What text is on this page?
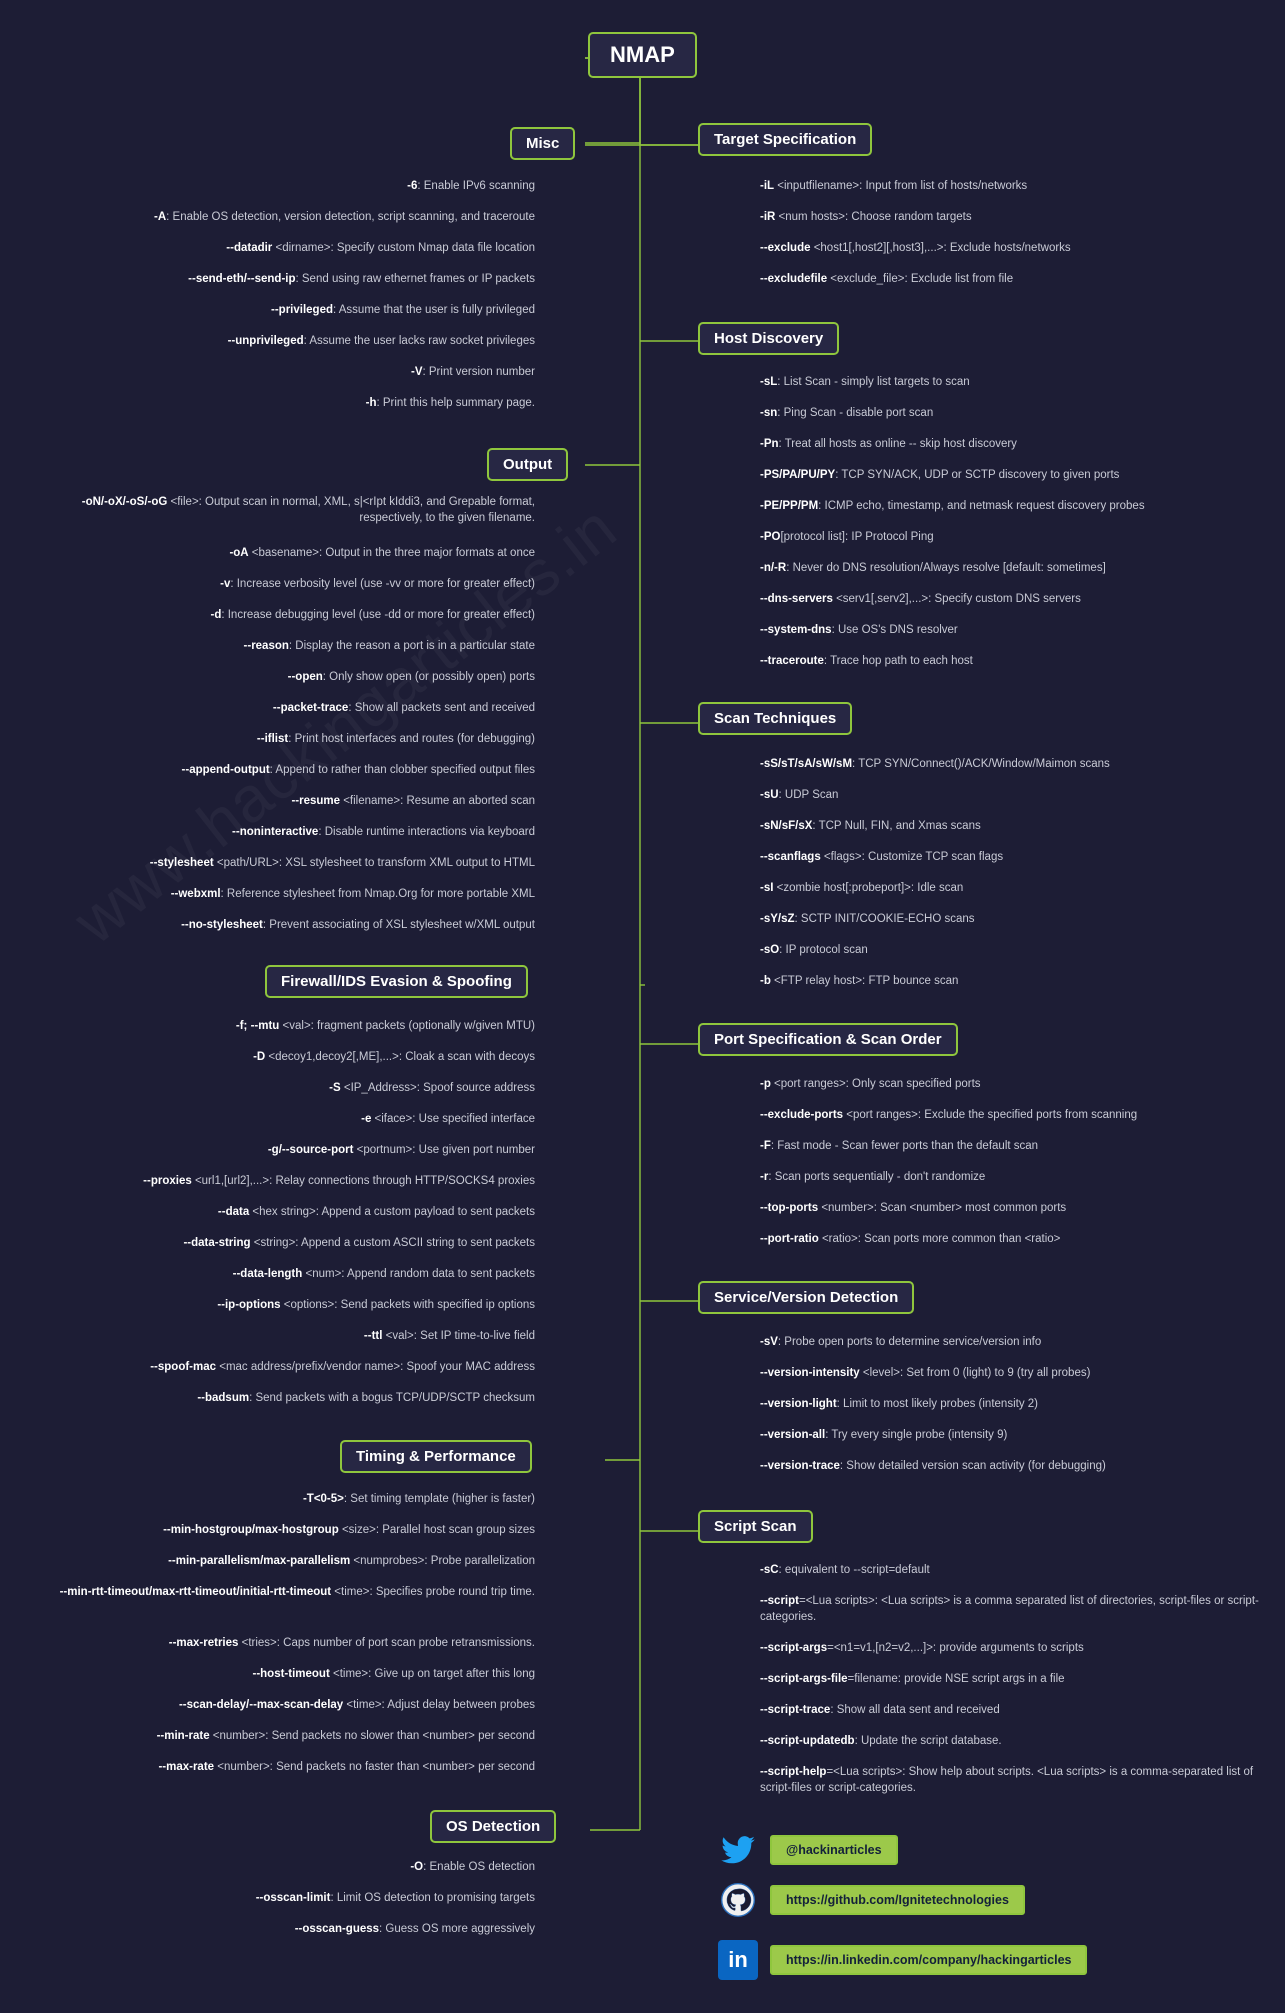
NMAP
Misc
Output
Firewall/IDS Evasion & Spoofing
Timing & Performance
OS Detection
Target Specification
Host Discovery
Scan Techniques
Port Specification & Scan Order
Service/Version Detection
Script Scan
-6: Enable IPv6 scanning
-A: Enable OS detection, version detection, script scanning, and traceroute
--datadir <dirname>: Specify custom Nmap data file location
--send-eth/--send-ip: Send using raw ethernet frames or IP packets
--privileged: Assume that the user is fully privileged
--unprivileged: Assume the user lacks raw socket privileges
-V: Print version number
-h: Print this help summary page.
-oN/-oX/-oS/-oG <file>: Output scan in normal, XML, s|<rIpt kIddi3, and Grepable format, respectively, to the given filename.
-oA <basename>: Output in the three major formats at once
-v: Increase verbosity level (use -vv or more for greater effect)
-d: Increase debugging level (use -dd or more for greater effect)
--reason: Display the reason a port is in a particular state
--open: Only show open (or possibly open) ports
--packet-trace: Show all packets sent and received
--iflist: Print host interfaces and routes (for debugging)
--append-output: Append to rather than clobber specified output files
--resume <filename>: Resume an aborted scan
--noninteractive: Disable runtime interactions via keyboard
--stylesheet <path/URL>: XSL stylesheet to transform XML output to HTML
--webxml: Reference stylesheet from Nmap.Org for more portable XML
--no-stylesheet: Prevent associating of XSL stylesheet w/XML output
-f; --mtu <val>: fragment packets (optionally w/given MTU)
-D <decoy1,decoy2[,ME],...>: Cloak a scan with decoys
-S <IP_Address>: Spoof source address
-e <iface>: Use specified interface
-g/--source-port <portnum>: Use given port number
--proxies <url1,[url2],...>: Relay connections through HTTP/SOCKS4 proxies
--data <hex string>: Append a custom payload to sent packets
--data-string <string>: Append a custom ASCII string to sent packets
--data-length <num>: Append random data to sent packets
--ip-options <options>: Send packets with specified ip options
--ttl <val>: Set IP time-to-live field
--spoof-mac <mac address/prefix/vendor name>: Spoof your MAC address
--badsum: Send packets with a bogus TCP/UDP/SCTP checksum
-T<0-5>: Set timing template (higher is faster)
--min-hostgroup/max-hostgroup <size>: Parallel host scan group sizes
--min-parallelism/max-parallelism <numprobes>: Probe parallelization
--min-rtt-timeout/max-rtt-timeout/initial-rtt-timeout <time>: Specifies probe round trip time.
--max-retries <tries>: Caps number of port scan probe retransmissions.
--host-timeout <time>: Give up on target after this long
--scan-delay/--max-scan-delay <time>: Adjust delay between probes
--min-rate <number>: Send packets no slower than <number> per second
--max-rate <number>: Send packets no faster than <number> per second
-O: Enable OS detection
--osscan-limit: Limit OS detection to promising targets
--osscan-guess: Guess OS more aggressively
-iL <inputfilename>: Input from list of hosts/networks
-iR <num hosts>: Choose random targets
--exclude <host1[,host2][,host3],...>: Exclude hosts/networks
--excludefile <exclude_file>: Exclude list from file
-sL: List Scan - simply list targets to scan
-sn: Ping Scan - disable port scan
-Pn: Treat all hosts as online -- skip host discovery
-PS/PA/PU/PY: TCP SYN/ACK, UDP or SCTP discovery to given ports
-PE/PP/PM: ICMP echo, timestamp, and netmask request discovery probes
-PO[protocol list]: IP Protocol Ping
-n/-R: Never do DNS resolution/Always resolve [default: sometimes]
--dns-servers <serv1[,serv2],...>: Specify custom DNS servers
--system-dns: Use OS's DNS resolver
--traceroute: Trace hop path to each host
-sS/sT/sA/sW/sM: TCP SYN/Connect()/ACK/Window/Maimon scans
-sU: UDP Scan
-sN/sF/sX: TCP Null, FIN, and Xmas scans
--scanflags <flags>: Customize TCP scan flags
-sI <zombie host[:probeport]>: Idle scan
-sY/sZ: SCTP INIT/COOKIE-ECHO scans
-sO: IP protocol scan
-b <FTP relay host>: FTP bounce scan
-p <port ranges>: Only scan specified ports
--exclude-ports <port ranges>: Exclude the specified ports from scanning
-F: Fast mode - Scan fewer ports than the default scan
-r: Scan ports sequentially - don't randomize
--top-ports <number>: Scan <number> most common ports
--port-ratio <ratio>: Scan ports more common than <ratio>
-sV: Probe open ports to determine service/version info
--version-intensity <level>: Set from 0 (light) to 9 (try all probes)
--version-light: Limit to most likely probes (intensity 2)
--version-all: Try every single probe (intensity 9)
--version-trace: Show detailed version scan activity (for debugging)
-sC: equivalent to --script=default
--script=<Lua scripts>: <Lua scripts> is a comma separated list of directories, script-files or script-categories.
--script-args=<n1=v1,[n2=v2,...]>: provide arguments to scripts
--script-args-file=filename: provide NSE script args in a file
--script-trace: Show all data sent and received
--script-updatedb: Update the script database.
--script-help=<Lua scripts>: Show help about scripts. <Lua scripts> is a comma-separated list of script-files or script-categories.
@hackinarticles
https://github.com/Ignitetechnologies
in	https://in.linkedin.com/company/hackingarticles
